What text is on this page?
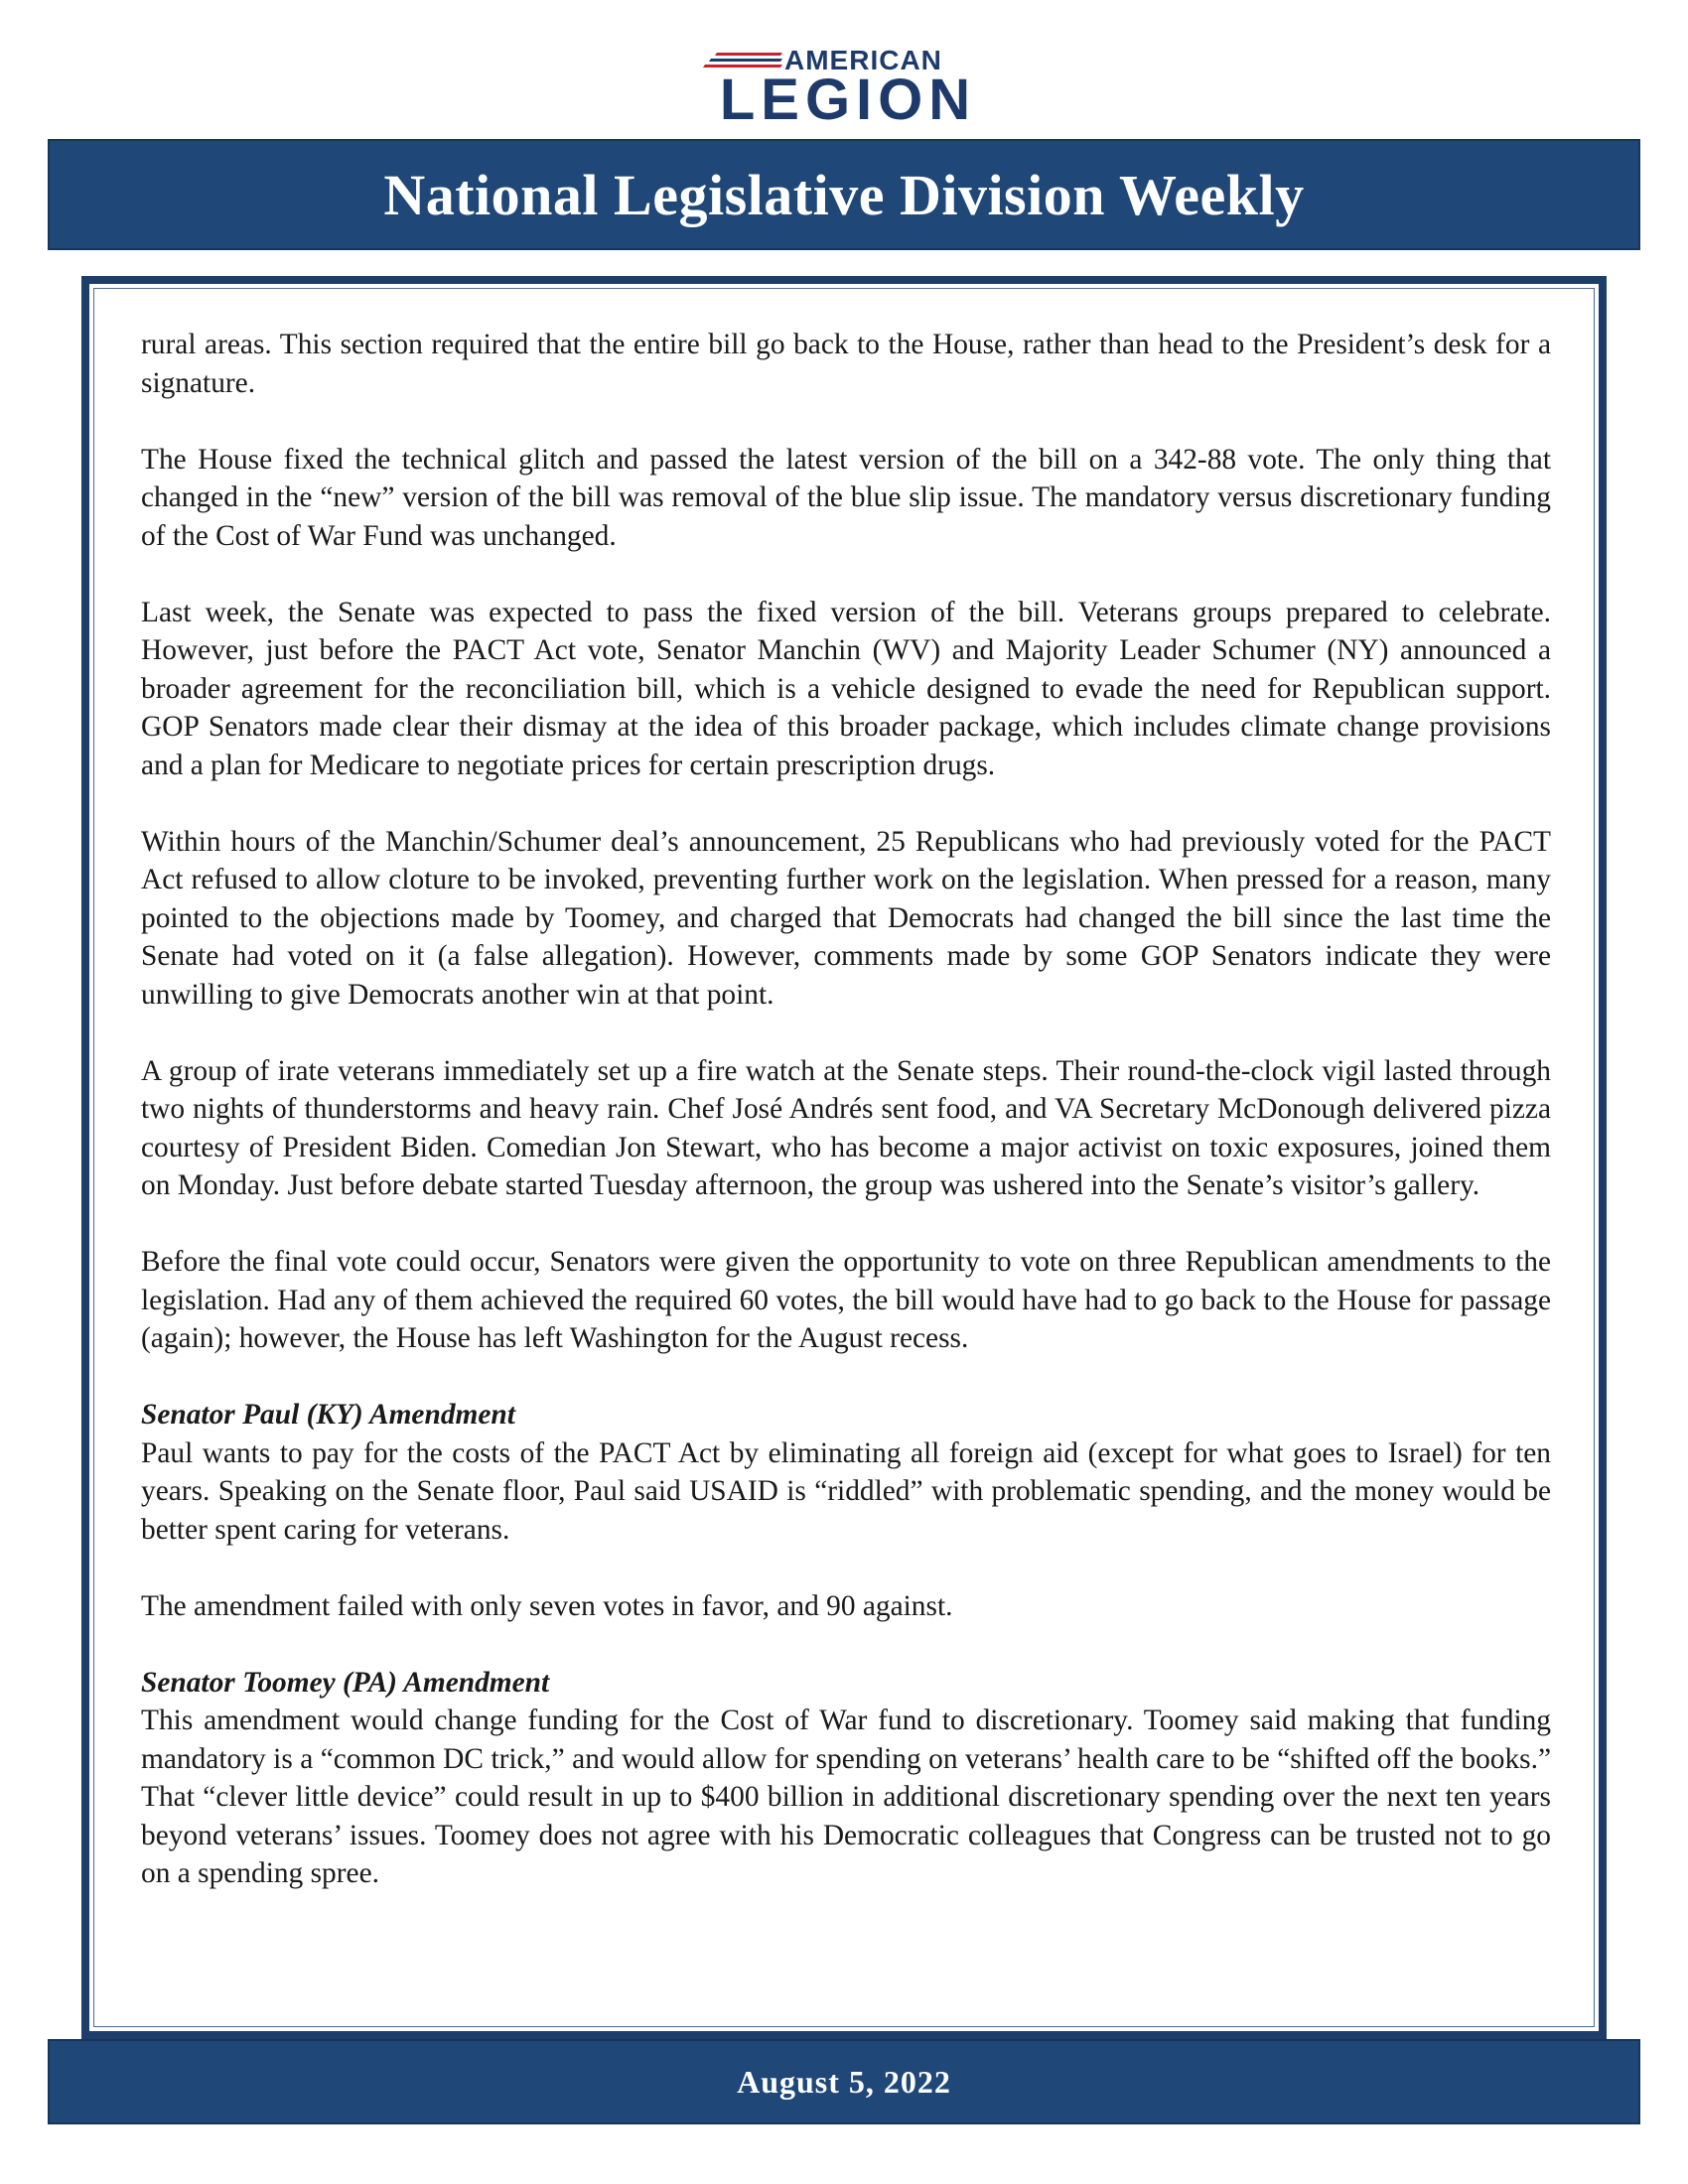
AMERICAN
LEGION
National Legislative Division Weekly

rural areas. This section required that the entire bill go back to the House, rather than head to the President’s desk for a signature.

The House fixed the technical glitch and passed the latest version of the bill on a 342-88 vote. The only thing that changed in the “new” version of the bill was removal of the blue slip issue. The mandatory versus discretionary funding of the Cost of War Fund was unchanged.

Last week, the Senate was expected to pass the fixed version of the bill. Veterans groups prepared to celebrate. However, just before the PACT Act vote, Senator Manchin (WV) and Majority Leader Schumer (NY) announced a broader agreement for the reconciliation bill, which is a vehicle designed to evade the need for Republican support. GOP Senators made clear their dismay at the idea of this broader package, which includes climate change provisions and a plan for Medicare to negotiate prices for certain prescription drugs.

Within hours of the Manchin/Schumer deal’s announcement, 25 Republicans who had previously voted for the PACT Act refused to allow cloture to be invoked, preventing further work on the legislation. When pressed for a reason, many pointed to the objections made by Toomey, and charged that Democrats had changed the bill since the last time the Senate had voted on it (a false allegation). However, comments made by some GOP Senators indicate they were unwilling to give Democrats another win at that point.

A group of irate veterans immediately set up a fire watch at the Senate steps. Their round-the-clock vigil lasted through two nights of thunderstorms and heavy rain. Chef José Andrés sent food, and VA Secretary McDonough delivered pizza courtesy of President Biden. Comedian Jon Stewart, who has become a major activist on toxic exposures, joined them on Monday. Just before debate started Tuesday afternoon, the group was ushered into the Senate’s visitor’s gallery.

Before the final vote could occur, Senators were given the opportunity to vote on three Republican amendments to the legislation. Had any of them achieved the required 60 votes, the bill would have had to go back to the House for passage (again); however, the House has left Washington for the August recess.

Senator Paul (KY) Amendment

Paul wants to pay for the costs of the PACT Act by eliminating all foreign aid (except for what goes to Israel) for ten years. Speaking on the Senate floor, Paul said USAID is “riddled” with problematic spending, and the money would be better spent caring for veterans.

The amendment failed with only seven votes in favor, and 90 against.

Senator Toomey (PA) Amendment

This amendment would change funding for the Cost of War fund to discretionary. Toomey said making that funding mandatory is a “common DC trick,” and would allow for spending on veterans’ health care to be “shifted off the books.” That “clever little device” could result in up to $400 billion in additional discretionary spending over the next ten years beyond veterans’ issues. Toomey does not agree with his Democratic colleagues that Congress can be trusted not to go on a spending spree.

August 5, 2022
